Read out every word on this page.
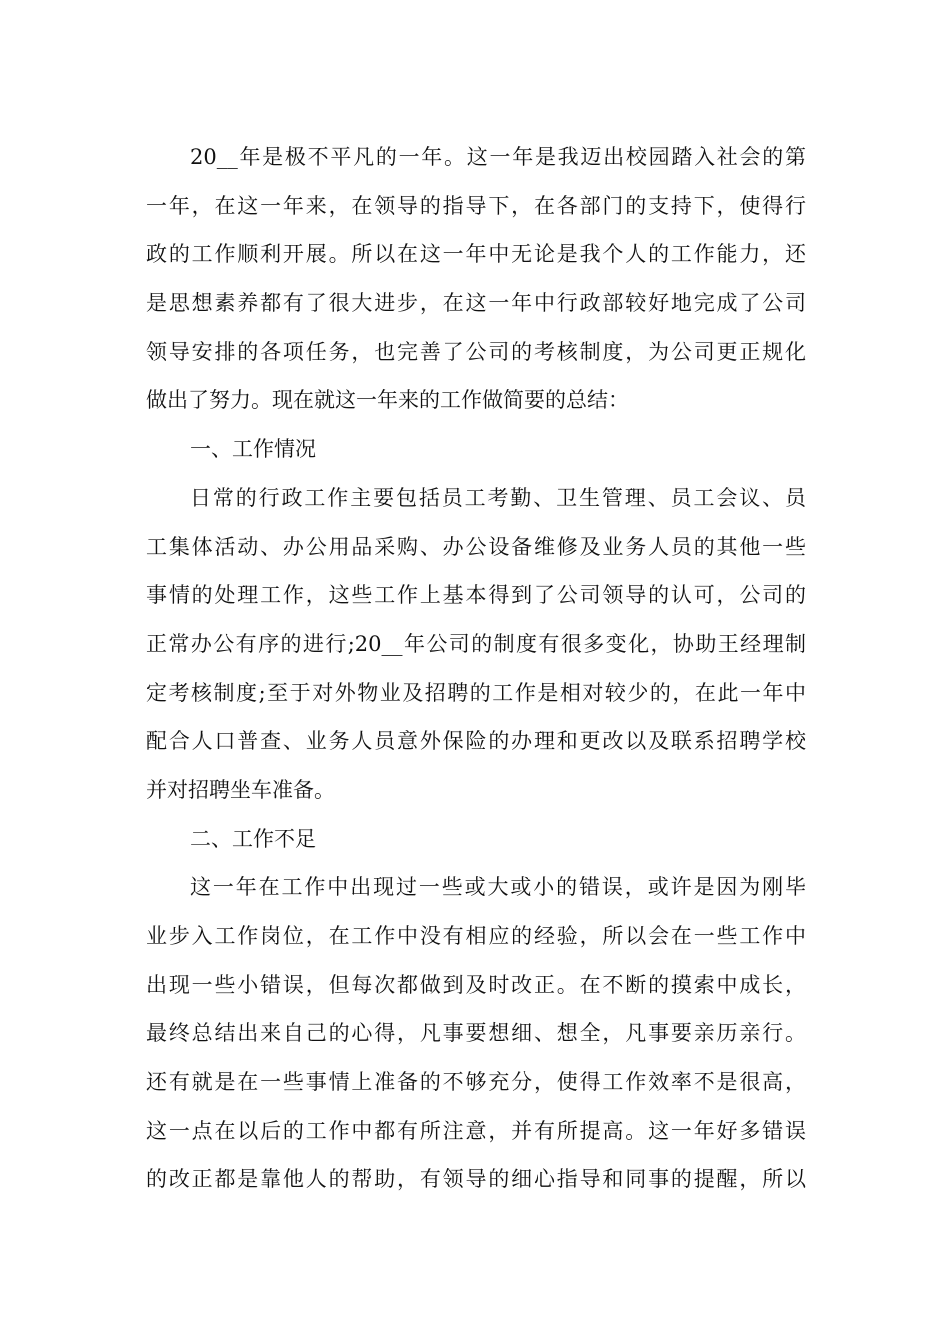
20__年是极不平凡的一年。这一年是我迈出校园踏入社会的第
一年，在这一年来，在领导的指导下，在各部门的支持下，使得行
政的工作顺利开展。所以在这一年中无论是我个人的工作能力，还
是思想素养都有了很大进步，在这一年中行政部较好地完成了公司
领导安排的各项任务，也完善了公司的考核制度，为公司更正规化
做出了努力。现在就这一年来的工作做简要的总结：
一、工作情况
日常的行政工作主要包括员工考勤、卫生管理、员工会议、员
工集体活动、办公用品采购、办公设备维修及业务人员的其他一些
事情的处理工作，这些工作上基本得到了公司领导的认可，公司的
正常办公有序的进行;20__年公司的制度有很多变化，协助王经理制
定考核制度;至于对外物业及招聘的工作是相对较少的，在此一年中
配合人口普查、业务人员意外保险的办理和更改以及联系招聘学校
并对招聘坐车准备。
二、工作不足
这一年在工作中出现过一些或大或小的错误，或许是因为刚毕
业步入工作岗位，在工作中没有相应的经验，所以会在一些工作中
出现一些小错误，但每次都做到及时改正。在不断的摸索中成长，
最终总结出来自己的心得，凡事要想细、想全，凡事要亲历亲行。
还有就是在一些事情上准备的不够充分，使得工作效率不是很高，
这一点在以后的工作中都有所注意，并有所提高。这一年好多错误
的改正都是靠他人的帮助，有领导的细心指导和同事的提醒，所以
